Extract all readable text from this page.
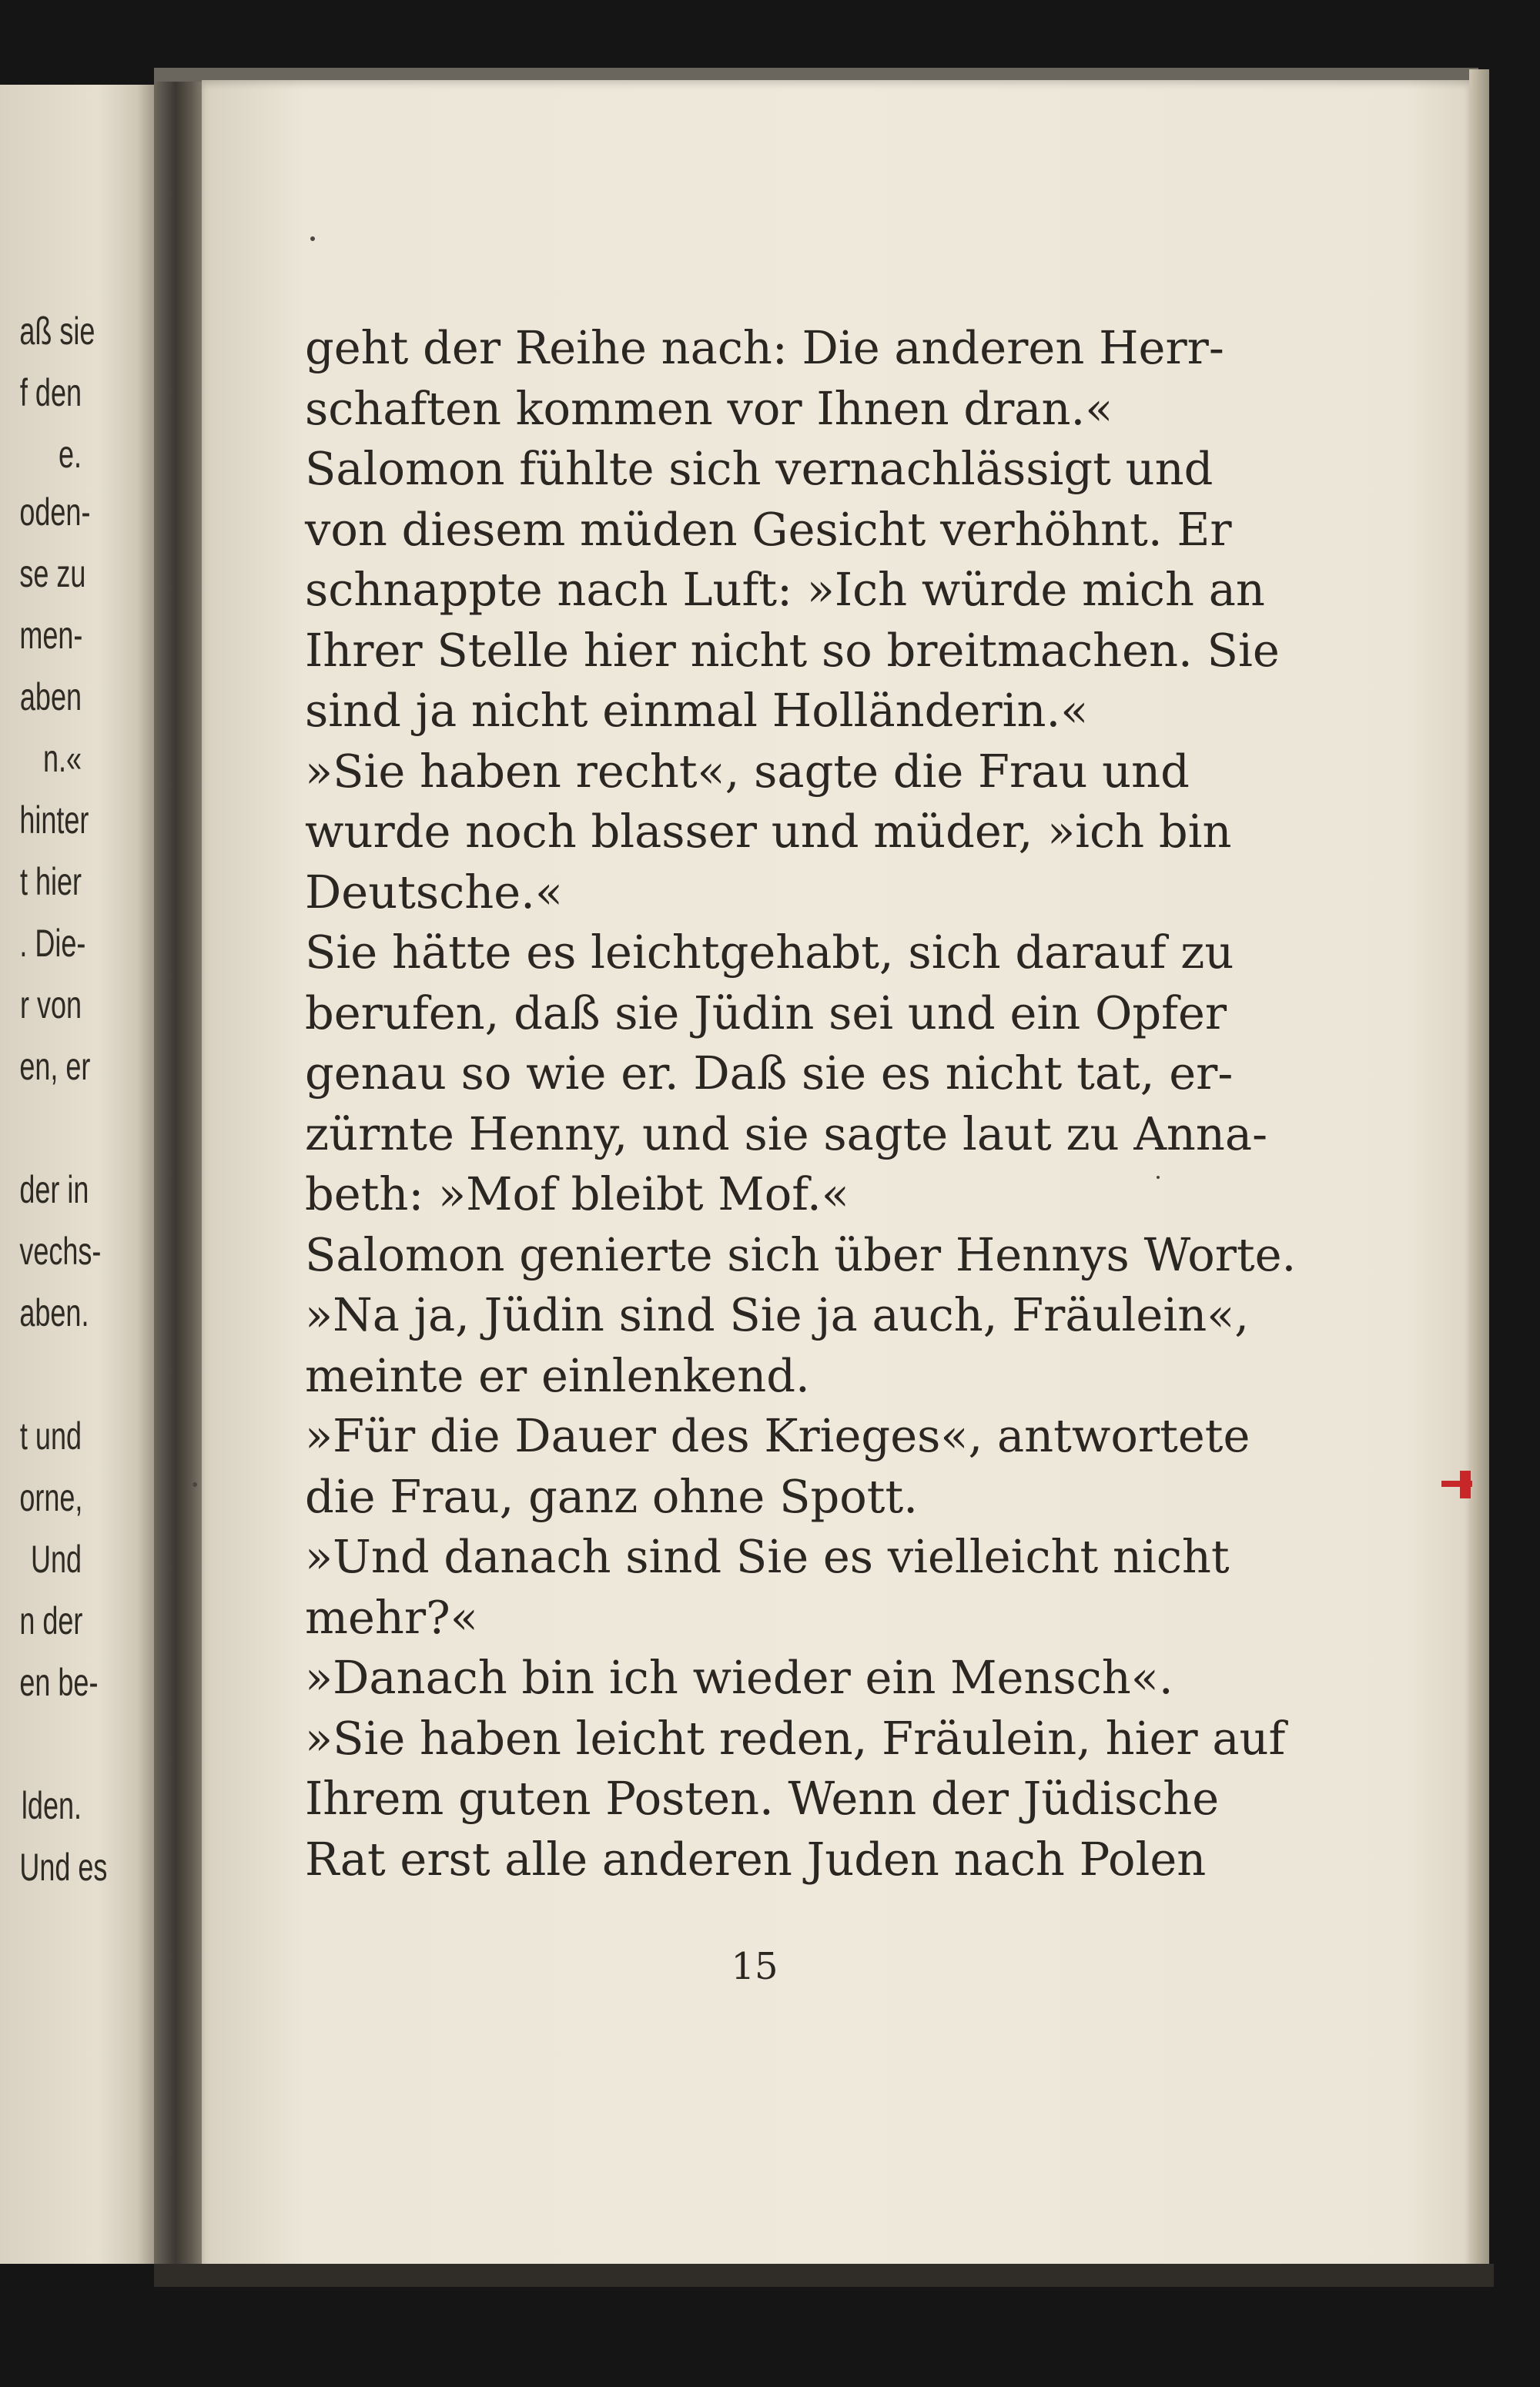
aß sie
f den
e.
oden-
se zu
men-
aben
n.«
hinter
t hier
. Die-
r von
en, er
der in
vechs-
aben.
t und
orne,
Und
n der
en be-
lden.
Und es
geht der Reihe nach: Die anderen Herr-
schaften kommen vor Ihnen dran.«
Salomon fühlte sich vernachlässigt und
von diesem müden Gesicht verhöhnt. Er
schnappte nach Luft: »Ich würde mich an
Ihrer Stelle hier nicht so breitmachen. Sie
sind ja nicht einmal Holländerin.«
»Sie haben recht«, sagte die Frau und
wurde noch blasser und müder, »ich bin
Deutsche.«
Sie hätte es leichtgehabt, sich darauf zu
berufen, daß sie Jüdin sei und ein Opfer
genau so wie er. Daß sie es nicht tat, er-
zürnte Henny, und sie sagte laut zu Anna-
beth: »Mof bleibt Mof.«
Salomon genierte sich über Hennys Worte.
»Na ja, Jüdin sind Sie ja auch, Fräulein«,
meinte er einlenkend.
»Für die Dauer des Krieges«, antwortete
die Frau, ganz ohne Spott.
»Und danach sind Sie es vielleicht nicht
mehr?«
»Danach bin ich wieder ein Mensch«.
»Sie haben leicht reden, Fräulein, hier auf
Ihrem guten Posten. Wenn der Jüdische
Rat erst alle anderen Juden nach Polen
15
